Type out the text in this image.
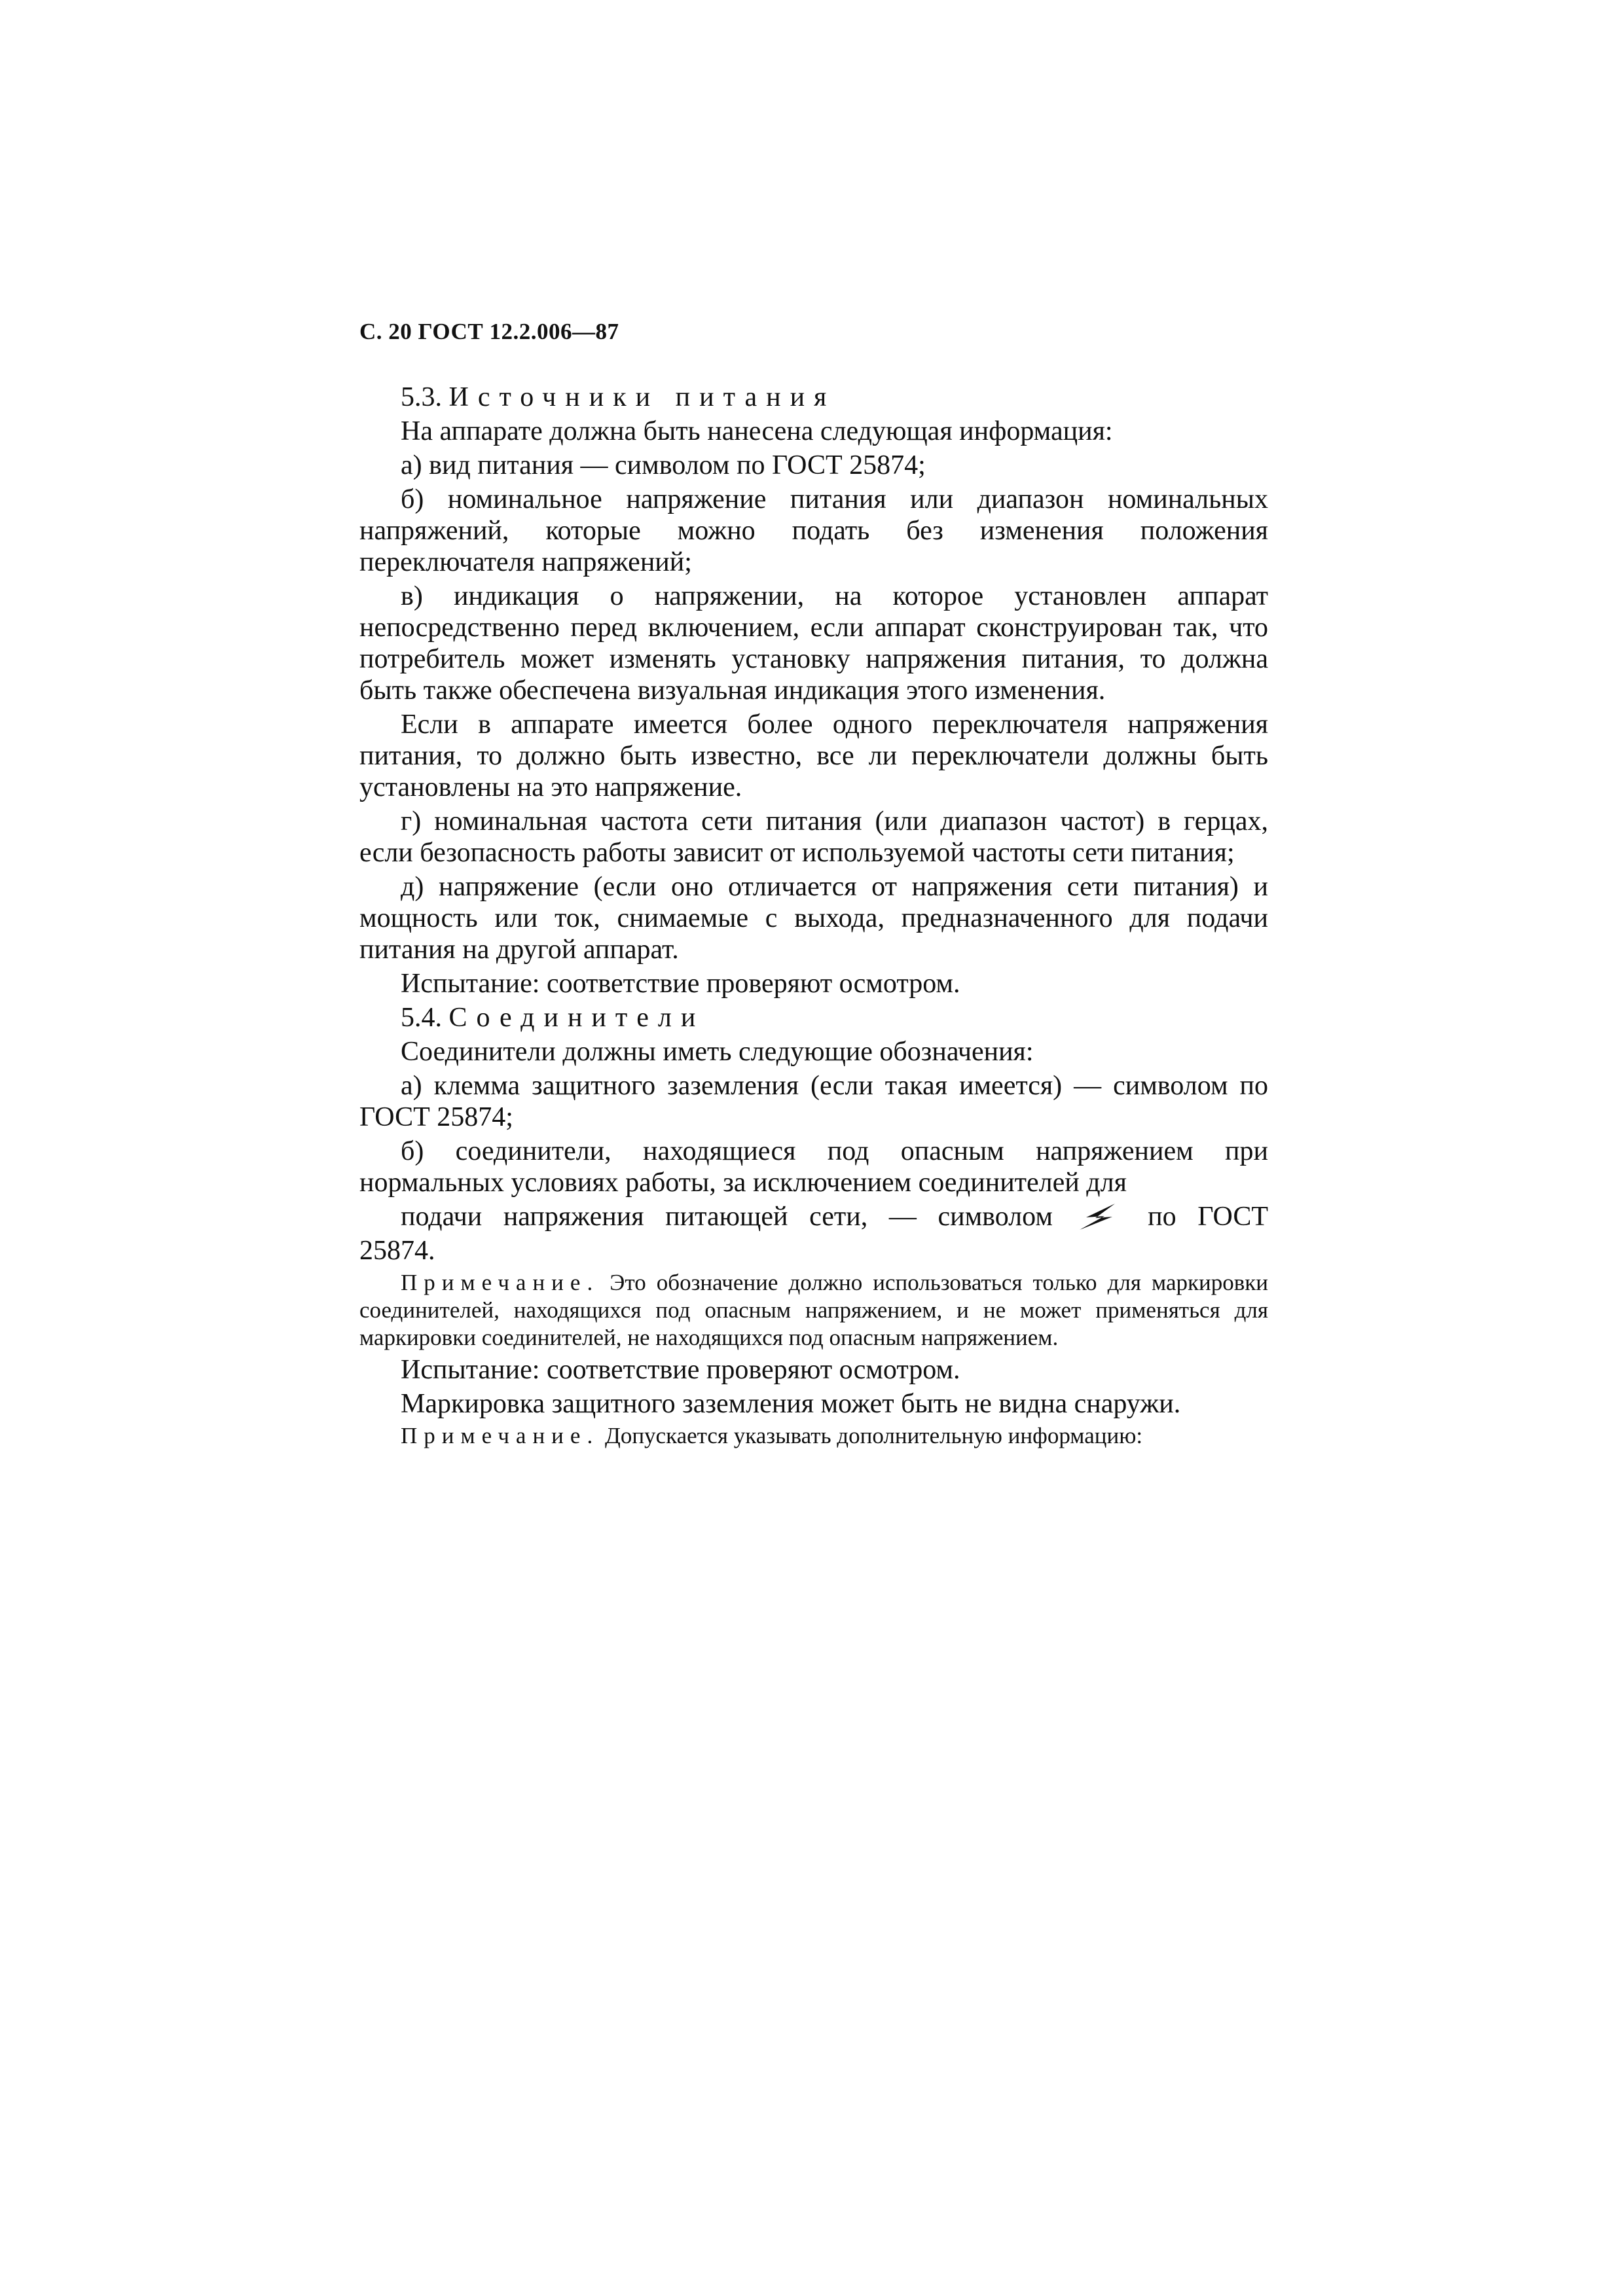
С. 20 ГОСТ 12.2.006—87

5.3. Источники питания

На аппарате должна быть нанесена следующая информация:

а) вид питания — символом по ГОСТ 25874;

б) номинальное напряжение питания или диапазон номинальных напряжений, которые можно подать без изменения положения переключателя напряжений;

в) индикация о напряжении, на которое установлен аппарат непосредственно перед включением, если аппарат сконструирован так, что потребитель может изменять установку напряжения питания, то должна быть также обеспечена визуальная индикация этого изменения.

Если в аппарате имеется более одного переключателя напряжения питания, то должно быть известно, все ли переключатели должны быть установлены на это напряжение.

г) номинальная частота сети питания (или диапазон частот) в герцах, если безопасность работы зависит от используемой частоты сети питания;

д) напряжение (если оно отличается от напряжения сети питания) и мощность или ток, снимаемые с выхода, предназначенного для подачи питания на другой аппарат.

Испытание: соответствие проверяют осмотром.

5.4. Соединители

Соединители должны иметь следующие обозначения:

а) клемма защитного заземления (если такая имеется) — символом по ГОСТ 25874;

б) соединители, находящиеся под опасным напряжением при нормальных условиях работы, за исключением соединителей для

подачи напряжения питающей сети, — символом	по ГОСТ

25874.

Примечание. Это обозначение должно использоваться только для маркировки соединителей, находящихся под опасным напряжением, и не может применяться для маркировки соединителей, не находящихся под опасным напряжением.

Испытание: соответствие проверяют осмотром.

Маркировка защитного заземления может быть не видна снаружи.

Примечание. Допускается указывать дополнительную информацию:
